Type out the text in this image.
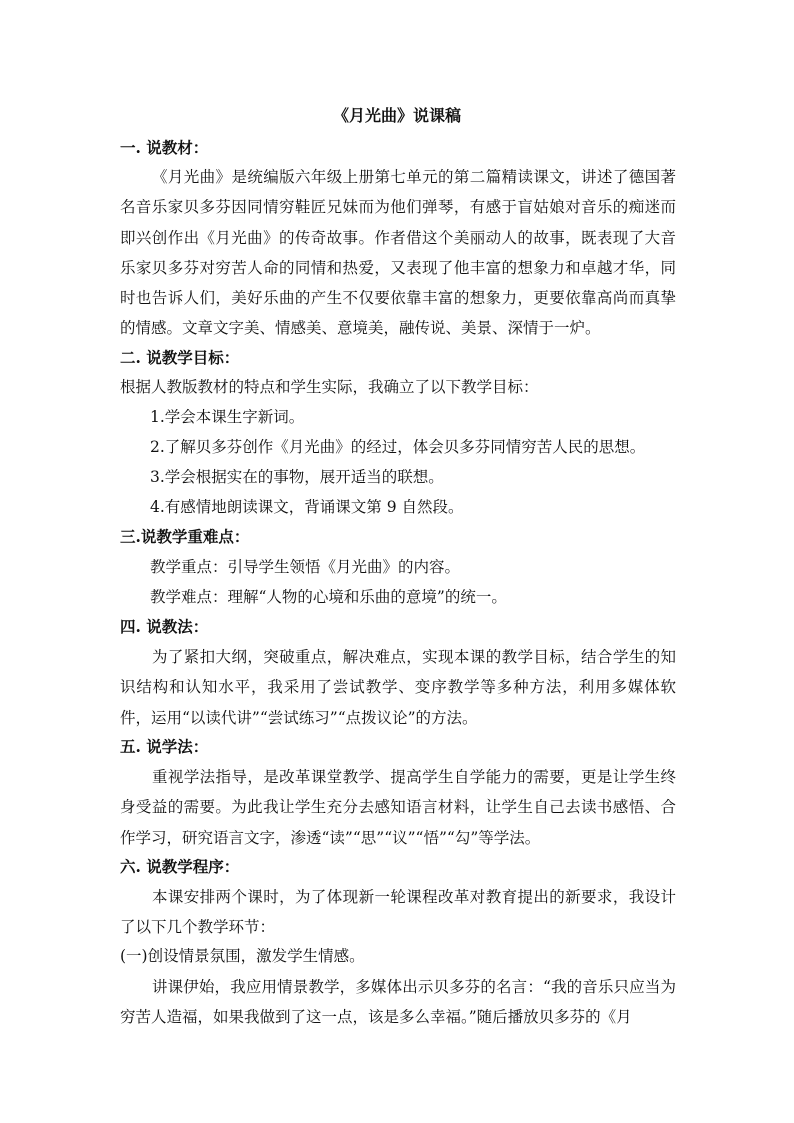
《月光曲》说课稿
一. 说教材：
《月光曲》是统编版六年级上册第七单元的第二篇精读课文，讲述了德国著名音乐家贝多芬因同情穷鞋匠兄妹而为他们弹琴，有感于盲姑娘对音乐的痴迷而即兴创作出《月光曲》的传奇故事。作者借这个美丽动人的故事，既表现了大音乐家贝多芬对穷苦人命的同情和热爱，又表现了他丰富的想象力和卓越才华，同时也告诉人们，美好乐曲的产生不仅要依靠丰富的想象力，更要依靠高尚而真挚的情感。文章文字美、情感美、意境美，融传说、美景、深情于一炉。
二. 说教学目标：
根据人教版教材的特点和学生实际，我确立了以下教学目标：
1.学会本课生字新词。
2.了解贝多芬创作《月光曲》的经过，体会贝多芬同情穷苦人民的思想。
3.学会根据实在的事物，展开适当的联想。
4.有感情地朗读课文，背诵课文第 9 自然段。
三.说教学重难点：
教学重点：引导学生领悟《月光曲》的内容。
教学难点：理解“人物的心境和乐曲的意境”的统一。
四. 说教法：
为了紧扣大纲，突破重点，解决难点，实现本课的教学目标，结合学生的知识结构和认知水平，我采用了尝试教学、变序教学等多种方法，利用多媒体软件，运用“以读代讲”“尝试练习”“点拨议论”的方法。
五. 说学法：
重视学法指导，是改革课堂教学、提高学生自学能力的需要，更是让学生终身受益的需要。为此我让学生充分去感知语言材料，让学生自己去读书感悟、合作学习，研究语言文字，渗透“读”“思”“议”“悟”“勾”等学法。
六. 说教学程序：
本课安排两个课时，为了体现新一轮课程改革对教育提出的新要求，我设计了以下几个教学环节：
(一)创设情景氛围，激发学生情感。
讲课伊始，我应用情景教学，多媒体出示贝多芬的名言：“我的音乐只应当为穷苦人造福，如果我做到了这一点，该是多么幸福。”随后播放贝多芬的《月
